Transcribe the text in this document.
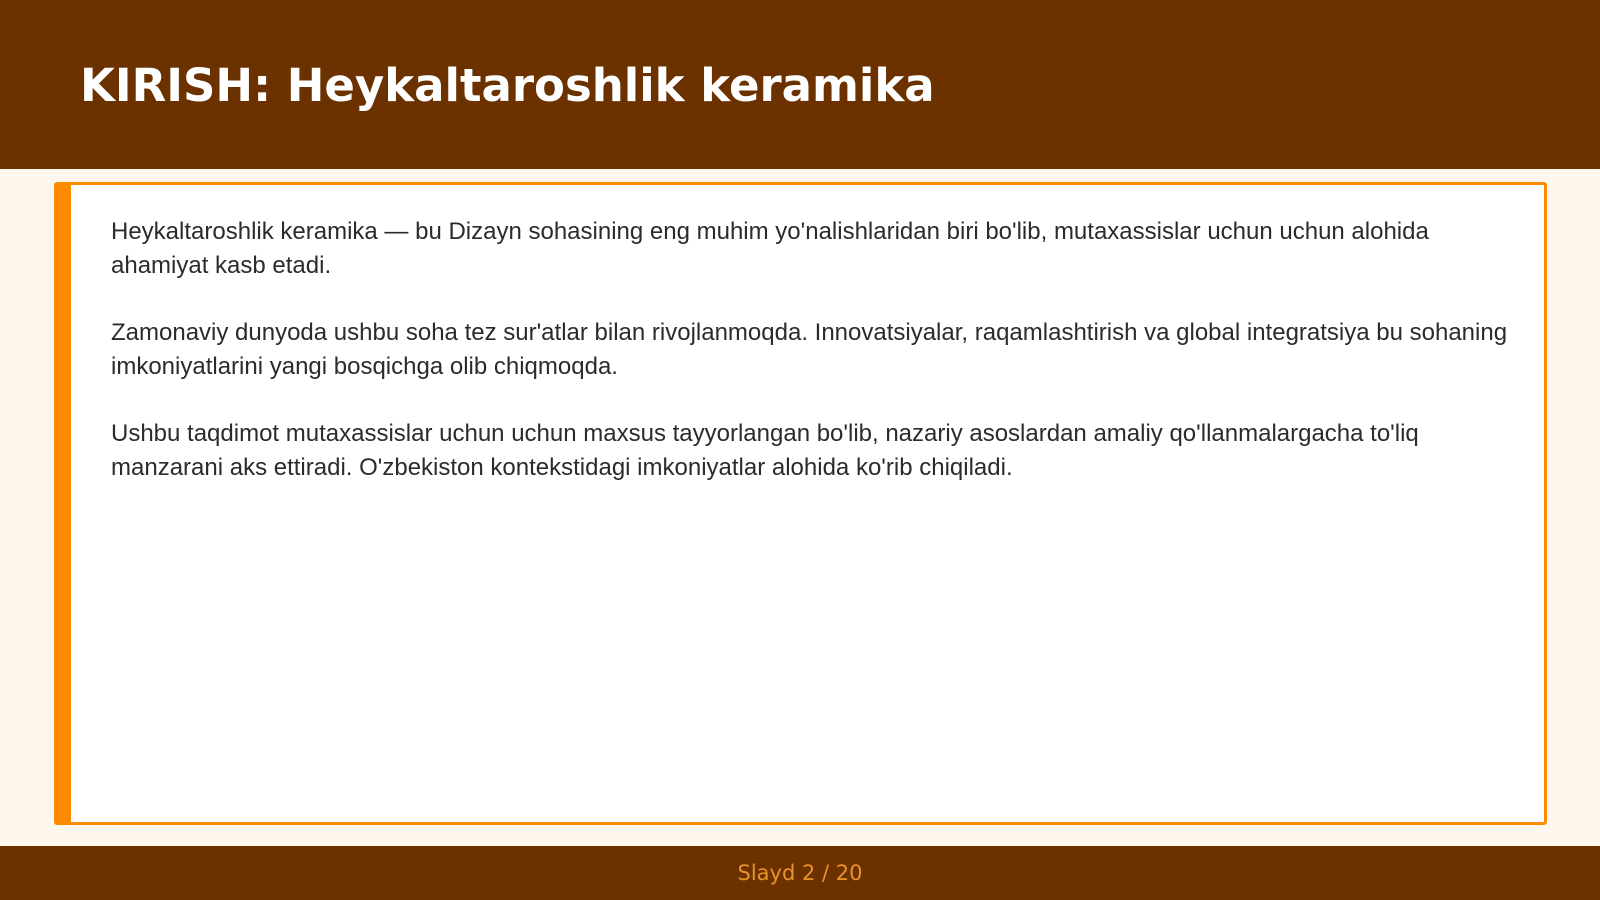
KIRISH: Heykaltaroshlik keramika

Heykaltaroshlik keramika — bu Dizayn sohasining eng muhim yo'nalishlaridan biri bo'lib, mutaxassislar uchun uchun alohida ahamiyat kasb etadi.

Zamonaviy dunyoda ushbu soha tez sur'atlar bilan rivojlanmoqda. Innovatsiyalar, raqamlashtirish va global integratsiya bu sohaning imkoniyatlarini yangi bosqichga olib chiqmoqda.

Ushbu taqdimot mutaxassislar uchun uchun maxsus tayyorlangan bo'lib, nazariy asoslardan amaliy qo'llanmalargacha to'liq manzarani aks ettiradi. O'zbekiston kontekstidagi imkoniyatlar alohida ko'rib chiqiladi.

Slayd 2 / 20
